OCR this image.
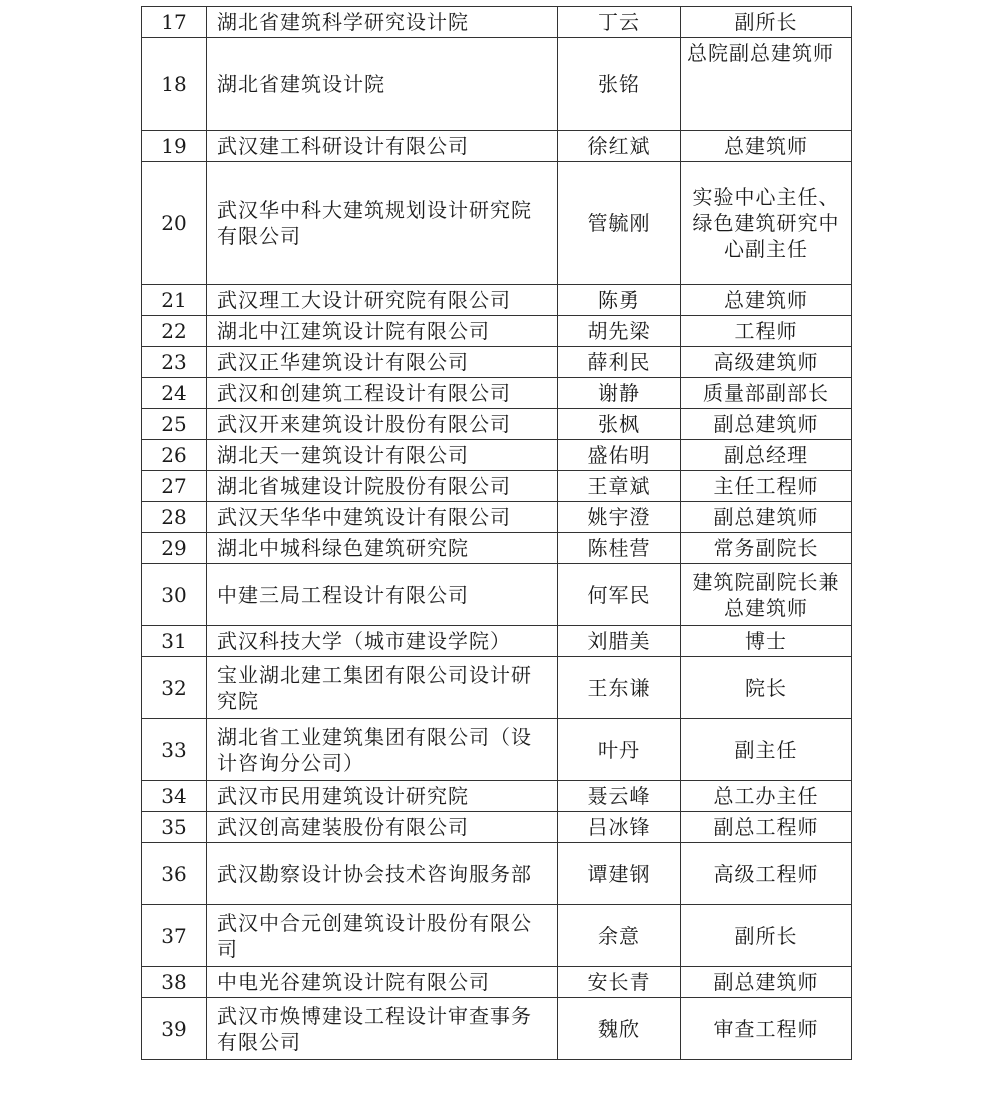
17	湖北省建筑科学研究设计院	丁云	副所长
18	湖北省建筑设计院	张铭	总院副总建筑师
19	武汉建工科研设计有限公司	徐红斌	总建筑师
20	武汉华中科大建筑规划设计研究院有限公司	管毓刚	实验中心主任、绿色建筑研究中心副主任
21	武汉理工大设计研究院有限公司	陈勇	总建筑师
22	湖北中江建筑设计院有限公司	胡先梁	工程师
23	武汉正华建筑设计有限公司	薛利民	高级建筑师
24	武汉和创建筑工程设计有限公司	谢静	质量部副部长
25	武汉开来建筑设计股份有限公司	张枫	副总建筑师
26	湖北天一建筑设计有限公司	盛佑明	副总经理
27	湖北省城建设计院股份有限公司	王章斌	主任工程师
28	武汉天华华中建筑设计有限公司	姚宇澄	副总建筑师
29	湖北中城科绿色建筑研究院	陈桂营	常务副院长
30	中建三局工程设计有限公司	何军民	建筑院副院长兼总建筑师
31	武汉科技大学（城市建设学院）	刘腊美	博士
32	宝业湖北建工集团有限公司设计研究院	王东谦	院长
33	湖北省工业建筑集团有限公司（设计咨询分公司）	叶丹	副主任
34	武汉市民用建筑设计研究院	聂云峰	总工办主任
35	武汉创高建装股份有限公司	吕冰锋	副总工程师
36	武汉勘察设计协会技术咨询服务部	谭建钢	高级工程师
37	武汉中合元创建筑设计股份有限公司	余意	副所长
38	中电光谷建筑设计院有限公司	安长青	副总建筑师
39	武汉市焕博建设工程设计审查事务有限公司	魏欣	审查工程师
